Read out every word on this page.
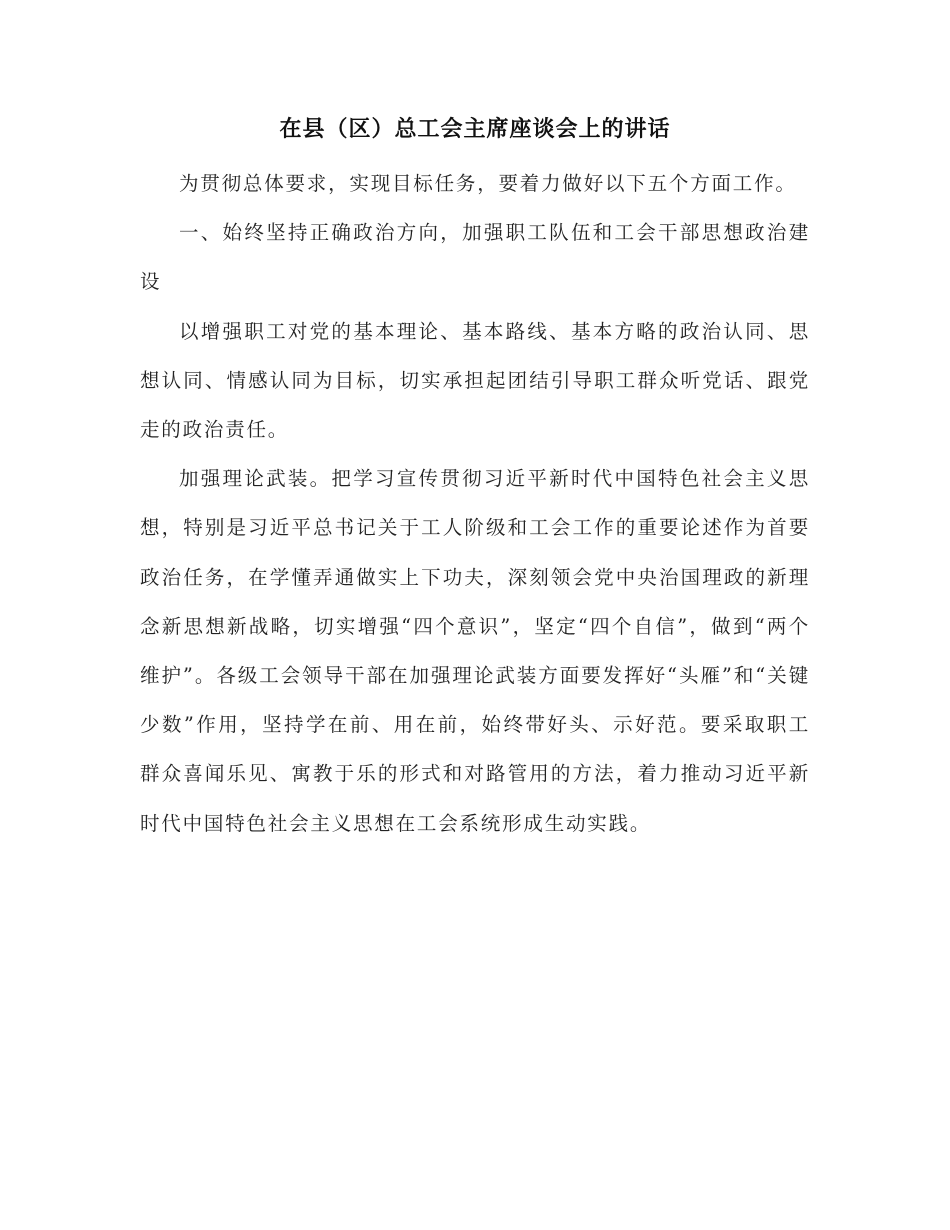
在县（区）总工会主席座谈会上的讲话

为贯彻总体要求，实现目标任务，要着力做好以下五个方面工作。

一、始终坚持正确政治方向，加强职工队伍和工会干部思想政治建设

以增强职工对党的基本理论、基本路线、基本方略的政治认同、思想认同、情感认同为目标，切实承担起团结引导职工群众听党话、跟党走的政治责任。

加强理论武装。把学习宣传贯彻习近平新时代中国特色社会主义思想，特别是习近平总书记关于工人阶级和工会工作的重要论述作为首要政治任务，在学懂弄通做实上下功夫，深刻领会党中央治国理政的新理念新思想新战略，切实增强“四个意识”，坚定“四个自信”，做到“两个维护”。各级工会领导干部在加强理论武装方面要发挥好“头雁”和“关键少数”作用，坚持学在前、用在前，始终带好头、示好范。要采取职工群众喜闻乐见、寓教于乐的形式和对路管用的方法，着力推动习近平新时代中国特色社会主义思想在工会系统形成生动实践。
